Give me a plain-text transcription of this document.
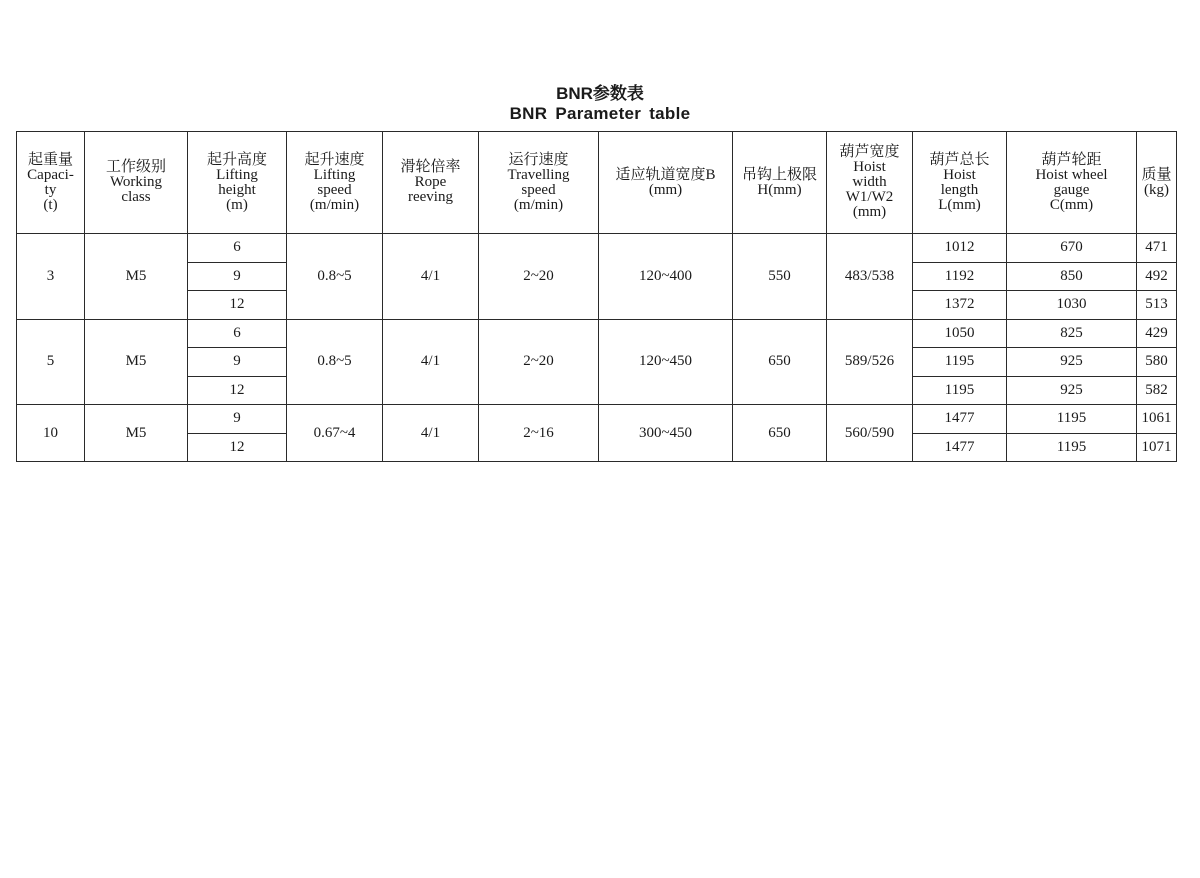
BNR参数表
BNR Parameter table
起重量
Capaci-
ty
(t)	工作级别
Working
class	起升高度
Lifting
height
(m)	起升速度
Lifting
speed
(m/min)	滑轮倍率
Rope
reeving	运行速度
Travelling
speed
(m/min)	适应轨道宽度B
(mm)	吊钩上极限
H(mm)	葫芦宽度
Hoist
width
W1/W2
(mm)	葫芦总长
Hoist
length
L(mm)	葫芦轮距
Hoist wheel
gauge
C(mm)	质量
(kg)

3	M5	6	0.8~5	4/1	2~20	120~400	550	483/538	1012	670	471
		9							1192	850	492
		12							1372	1030	513
5	M5	6	0.8~5	4/1	2~20	120~450	650	589/526	1050	825	429
		9							1195	925	580
		12							1195	925	582
10	M5	9	0.67~4	4/1	2~16	300~450	650	560/590	1477	1195	1061
		12							1477	1195	1071
